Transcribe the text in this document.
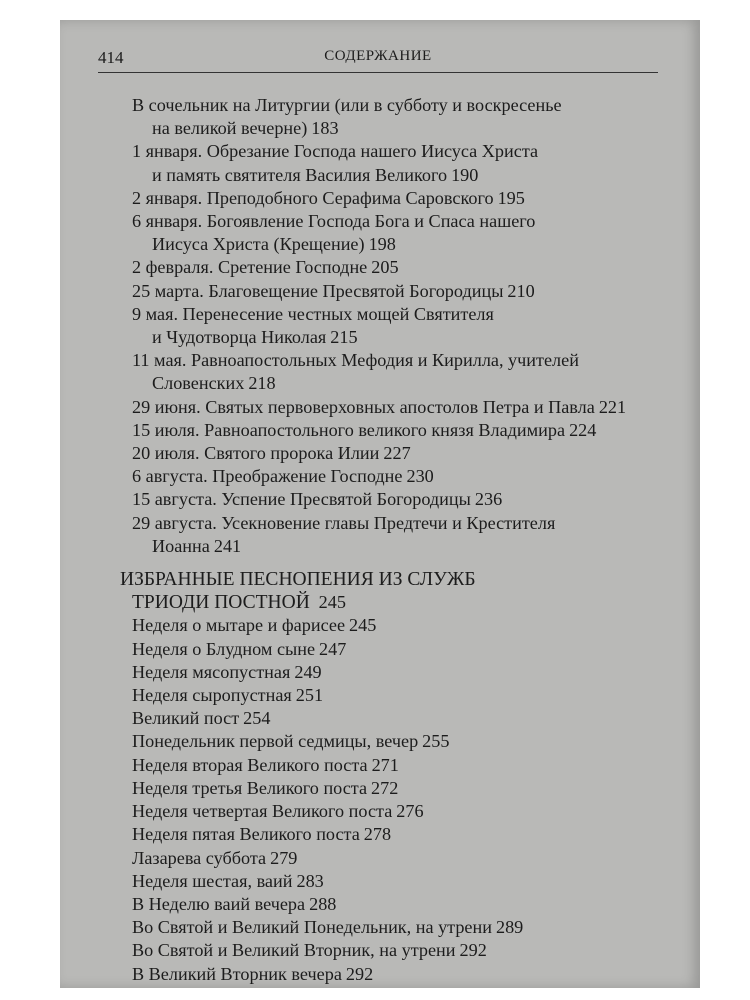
414	СОДЕРЖАНИЕ
В сочельник на Литургии (или в субботу и воскресенье
на великой вечерне) 183
1 января. Обрезание Господа нашего Иисуса Христа
и память святителя Василия Великого 190
2 января. Преподобного Серафима Саровского 195
6 января. Богоявление Господа Бога и Спаса нашего
Иисуса Христа (Крещение) 198
2 февраля. Сретение Господне 205
25 марта. Благовещение Пресвятой Богородицы 210
9 мая. Перенесение честных мощей Святителя
и Чудотворца Николая 215
11 мая. Равноапостольных Мефодия и Кирилла, учителей
Словенских 218
29 июня. Святых первоверховных апостолов Петра и Павла 221
15 июля. Равноапостольного великого князя Владимира 224
20 июля. Святого пророка Илии 227
6 августа. Преображение Господне 230
15 августа. Успение Пресвятой Богородицы 236
29 августа. Усекновение главы Предтечи и Крестителя
Иоанна 241
ИЗБРАННЫЕ ПЕСНОПЕНИЯ ИЗ СЛУЖБ
ТРИОДИ ПОСТНОЙ 245
Неделя о мытаре и фарисее 245
Неделя о Блудном сыне 247
Неделя мясопустная 249
Неделя сыропустная 251
Великий пост 254
Понедельник первой седмицы, вечер 255
Неделя вторая Великого поста 271
Неделя третья Великого поста 272
Неделя четвертая Великого поста 276
Неделя пятая Великого поста 278
Лазарева суббота 279
Неделя шестая, ваий 283
В Неделю ваий вечера 288
Во Святой и Великий Понедельник, на утрени 289
Во Святой и Великий Вторник, на утрени 292
В Великий Вторник вечера 292
